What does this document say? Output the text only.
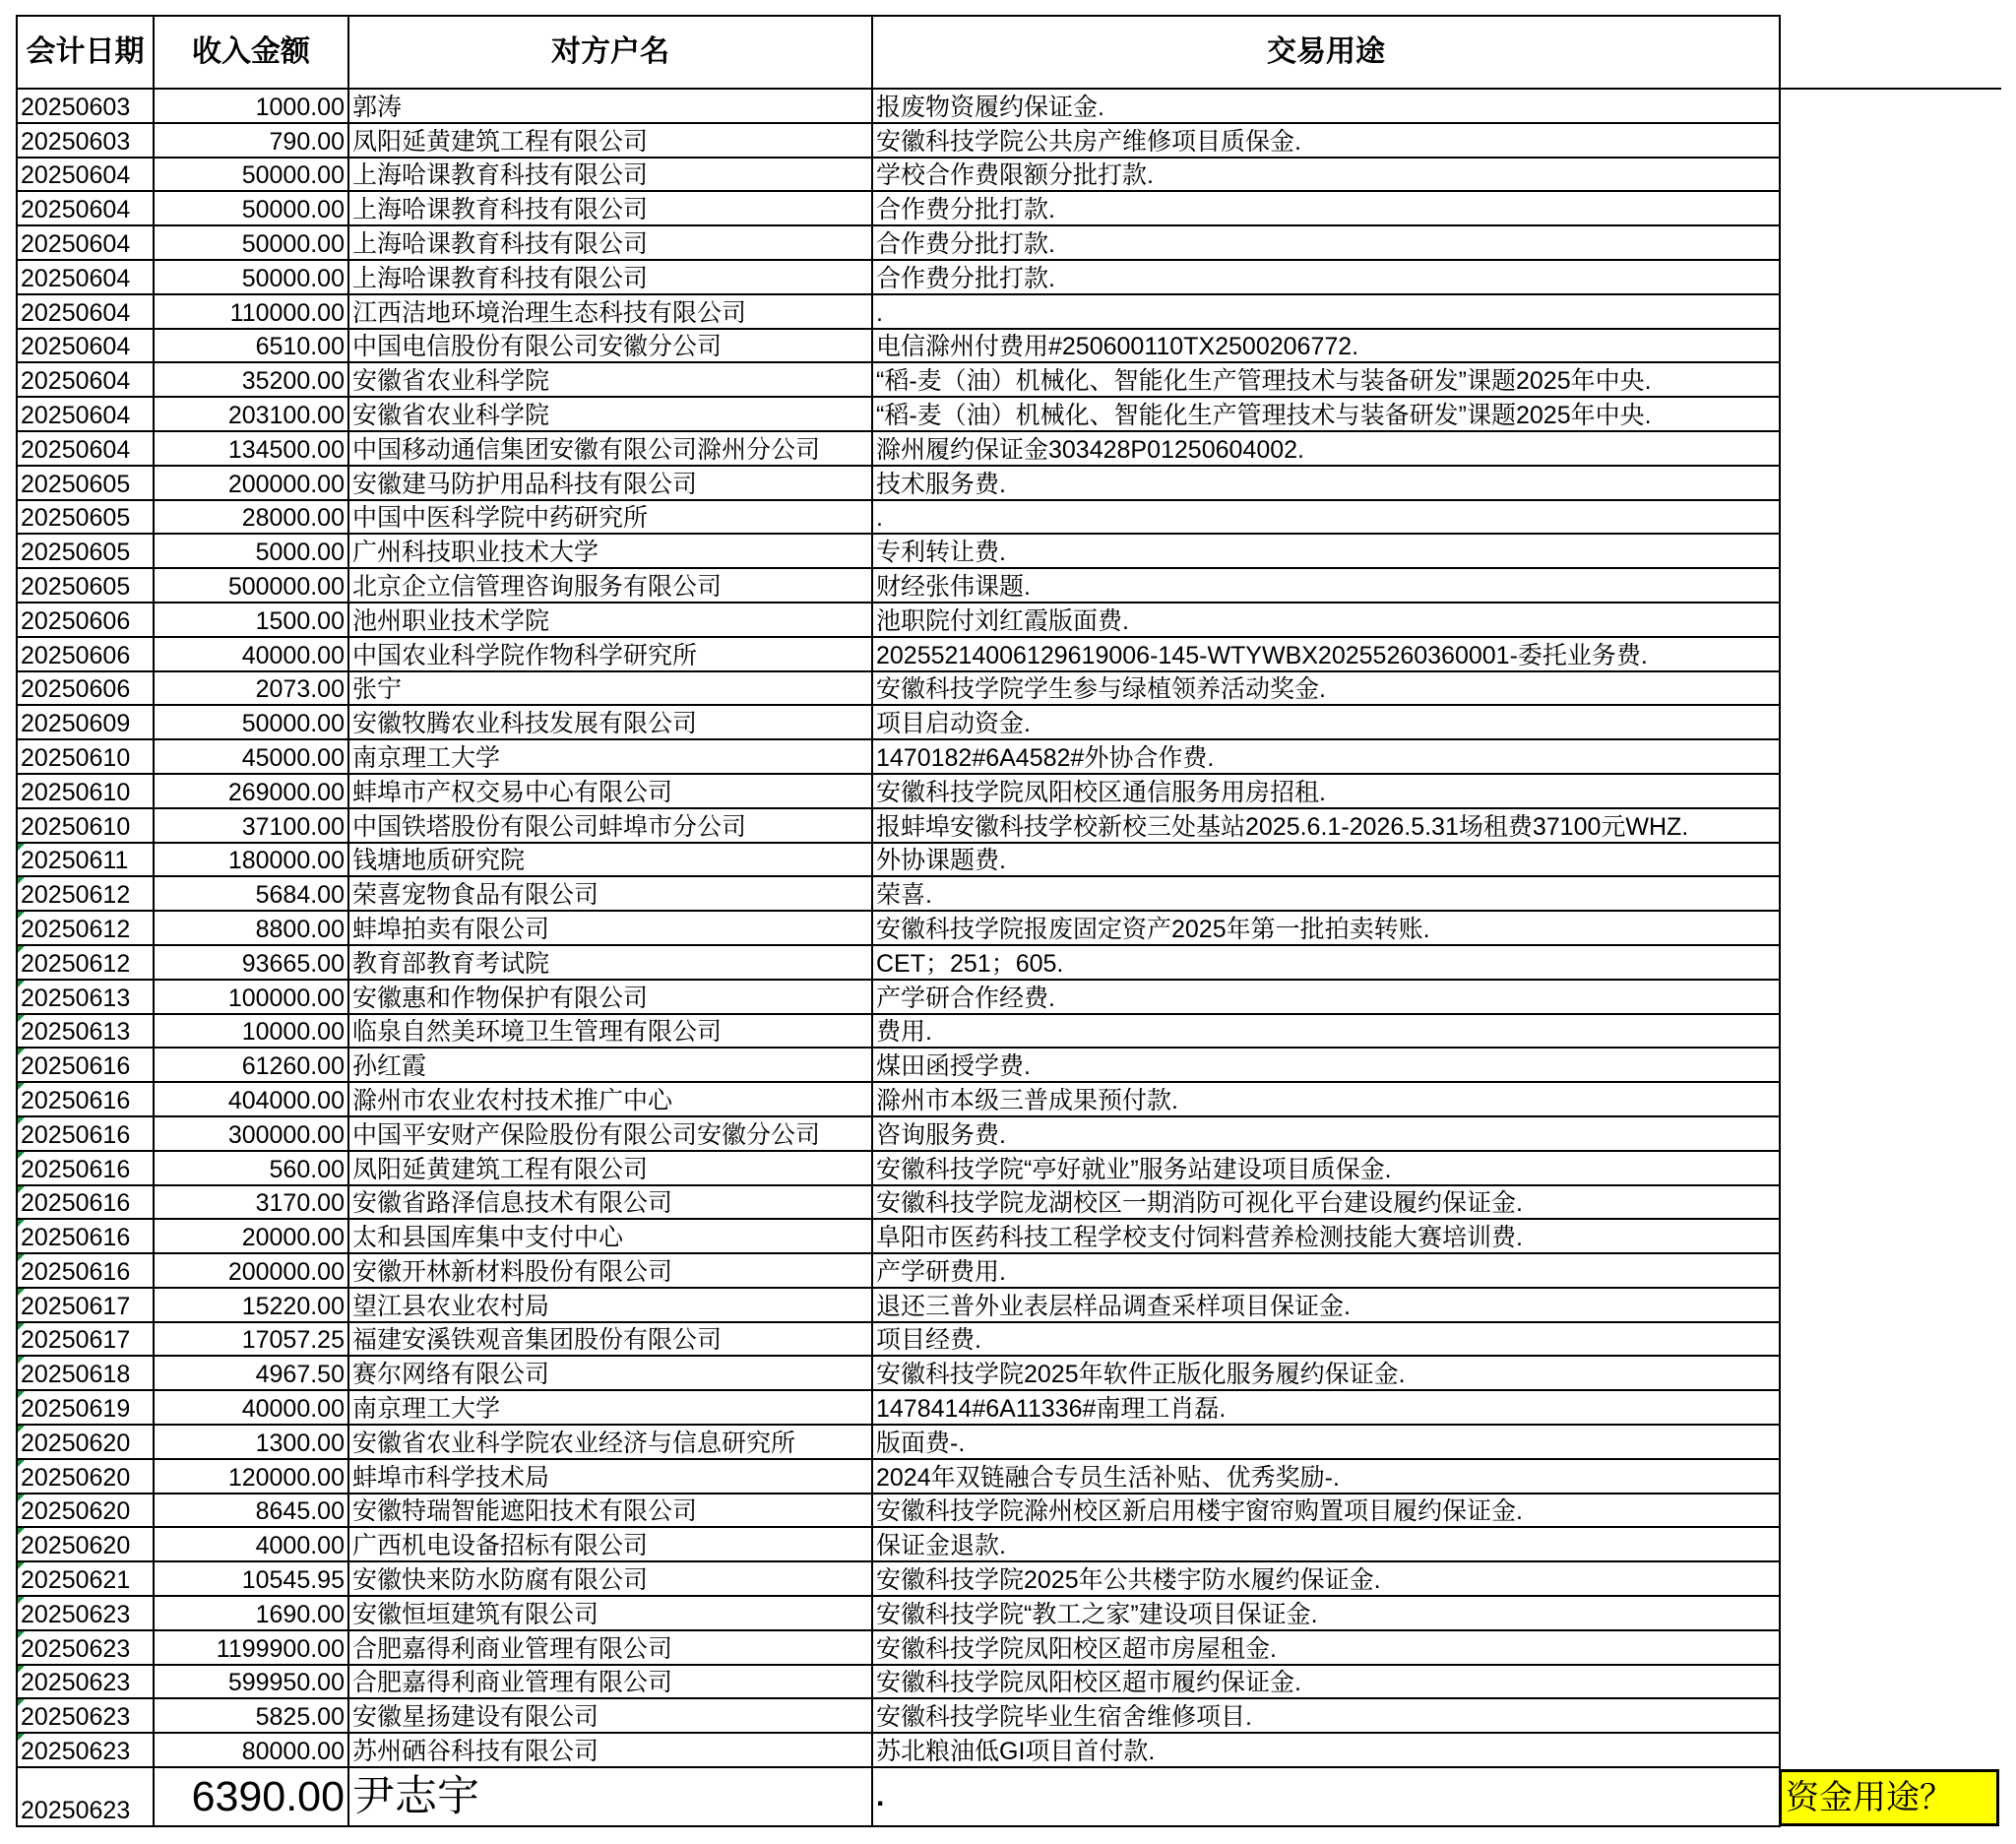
会计日期	收入金额	对方户名	交易用途	
20250603	1000.00	郭涛	报废物资履约保证金.	
20250603	790.00	凤阳延黄建筑工程有限公司	安徽科技学院公共房产维修项目质保金.	
20250604	50000.00	上海哈课教育科技有限公司	学校合作费限额分批打款.	
20250604	50000.00	上海哈课教育科技有限公司	合作费分批打款.	
20250604	50000.00	上海哈课教育科技有限公司	合作费分批打款.	
20250604	50000.00	上海哈课教育科技有限公司	合作费分批打款.	
20250604	110000.00	江西洁地环境治理生态科技有限公司	.	
20250604	6510.00	中国电信股份有限公司安徽分公司	电信滁州付费用#250600110TX2500206772.	
20250604	35200.00	安徽省农业科学院	“稻-麦（油）机械化、智能化生产管理技术与装备研发”课题2025年中央.	
20250604	203100.00	安徽省农业科学院	“稻-麦（油）机械化、智能化生产管理技术与装备研发”课题2025年中央.	
20250604	134500.00	中国移动通信集团安徽有限公司滁州分公司	滁州履约保证金303428P01250604002.	
20250605	200000.00	安徽建马防护用品科技有限公司	技术服务费.	
20250605	28000.00	中国中医科学院中药研究所	.	
20250605	5000.00	广州科技职业技术大学	专利转让费.	
20250605	500000.00	北京企立信管理咨询服务有限公司	财经张伟课题.	
20250606	1500.00	池州职业技术学院	池职院付刘红霞版面费.	
20250606	40000.00	中国农业科学院作物科学研究所	20255214006129619006-145-WTYWBX20255260360001-委托业务费.	
20250606	2073.00	张宁	安徽科技学院学生参与绿植领养活动奖金.	
20250609	50000.00	安徽牧腾农业科技发展有限公司	项目启动资金.	
20250610	45000.00	南京理工大学	1470182#6A4582#外协合作费.	
20250610	269000.00	蚌埠市产权交易中心有限公司	安徽科技学院凤阳校区通信服务用房招租.	
20250610	37100.00	中国铁塔股份有限公司蚌埠市分公司	报蚌埠安徽科技学校新校三处基站2025.6.1-2026.5.31场租费37100元WHZ.	
20250611	180000.00	钱塘地质研究院	外协课题费.	
20250612	5684.00	荣喜宠物食品有限公司	荣喜.	
20250612	8800.00	蚌埠拍卖有限公司	安徽科技学院报废固定资产2025年第一批拍卖转账.	
20250612	93665.00	教育部教育考试院	CET；251；605.	
20250613	100000.00	安徽惠和作物保护有限公司	产学研合作经费.	
20250613	10000.00	临泉自然美环境卫生管理有限公司	费用.	
20250616	61260.00	孙红霞	煤田函授学费.	
20250616	404000.00	滁州市农业农村技术推广中心	滁州市本级三普成果预付款.	
20250616	300000.00	中国平安财产保险股份有限公司安徽分公司	咨询服务费.	
20250616	560.00	凤阳延黄建筑工程有限公司	安徽科技学院“亭好就业”服务站建设项目质保金.	
20250616	3170.00	安徽省路泽信息技术有限公司	安徽科技学院龙湖校区一期消防可视化平台建设履约保证金.	
20250616	20000.00	太和县国库集中支付中心	阜阳市医药科技工程学校支付饲料营养检测技能大赛培训费.	
20250616	200000.00	安徽开林新材料股份有限公司	产学研费用.	
20250617	15220.00	望江县农业农村局	退还三普外业表层样品调查采样项目保证金.	
20250617	17057.25	福建安溪铁观音集团股份有限公司	项目经费.	
20250618	4967.50	赛尔网络有限公司	安徽科技学院2025年软件正版化服务履约保证金.	
20250619	40000.00	南京理工大学	1478414#6A11336#南理工肖磊.	
20250620	1300.00	安徽省农业科学院农业经济与信息研究所	版面费-.	
20250620	120000.00	蚌埠市科学技术局	2024年双链融合专员生活补贴、优秀奖励-.	
20250620	8645.00	安徽特瑞智能遮阳技术有限公司	安徽科技学院滁州校区新启用楼宇窗帘购置项目履约保证金.	
20250620	4000.00	广西机电设备招标有限公司	保证金退款.	
20250621	10545.95	安徽快来防水防腐有限公司	安徽科技学院2025年公共楼宇防水履约保证金.	
20250623	1690.00	安徽恒垣建筑有限公司	安徽科技学院“教工之家”建设项目保证金.	
20250623	1199900.00	合肥嘉得利商业管理有限公司	安徽科技学院凤阳校区超市房屋租金.	
20250623	599950.00	合肥嘉得利商业管理有限公司	安徽科技学院凤阳校区超市履约保证金.	
20250623	5825.00	安徽星扬建设有限公司	安徽科技学院毕业生宿舍维修项目.	
20250623	80000.00	苏州硒谷科技有限公司	苏北粮油低GI项目首付款.	
20250623	6390.00	尹志宇	.		资金用途？
